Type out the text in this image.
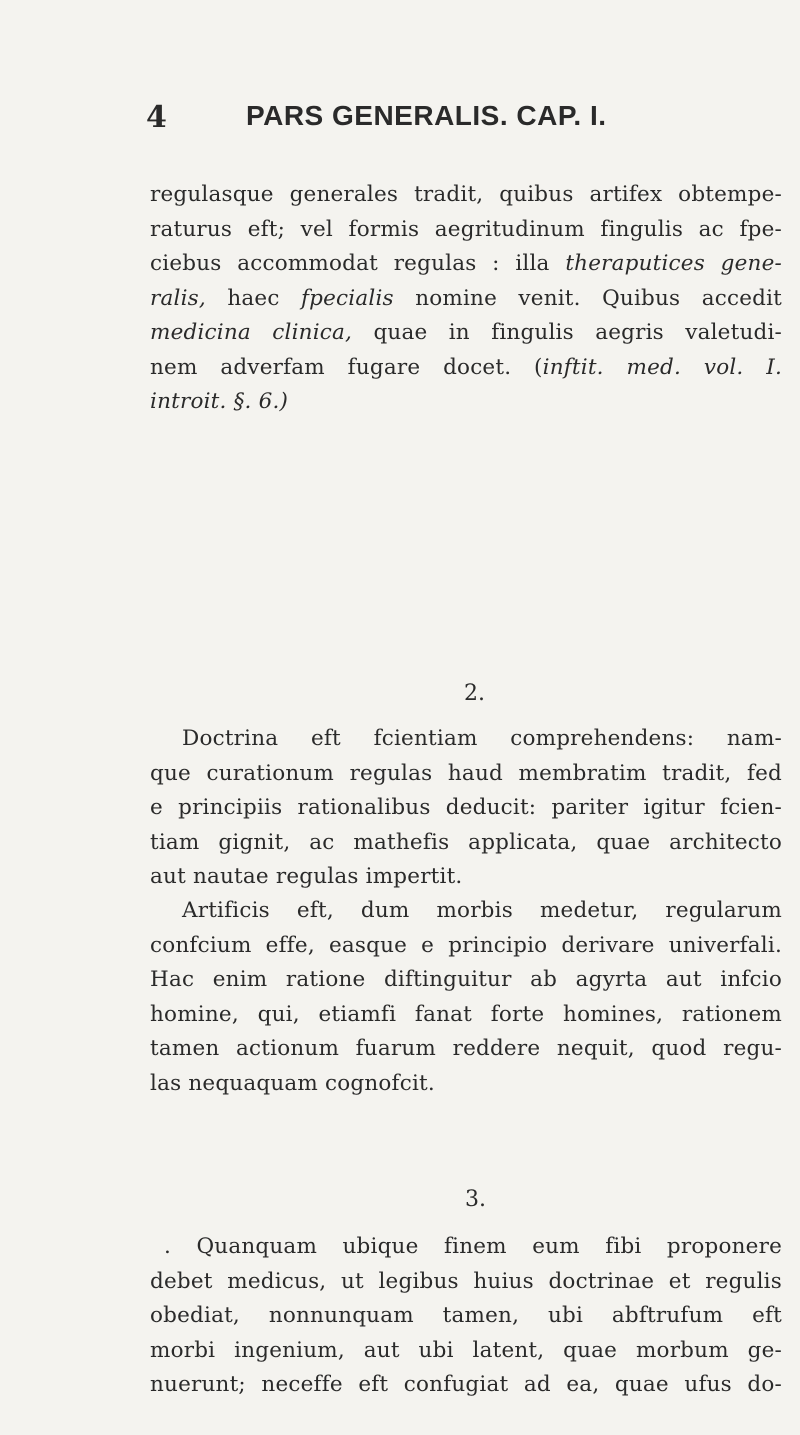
4	PARS GENERALIS. CAP. I.
regulasque generales tradit, quibus artifex obtempe-
raturus eft; vel formis aegritudinum fingulis ac fpe-
ciebus accommodat regulas : illa theraputices gene-
ralis, haec fpecialis nomine venit. Quibus accedit
medicina clinica, quae in fingulis aegris valetudi-
nem adverfam fugare docet. (inftit. med. vol. I.
introit. §. 6.)
2.
Doctrina eft fcientiam comprehendens: nam-
que curationum regulas haud membratim tradit, fed
e principiis rationalibus deducit: pariter igitur fcien-
tiam gignit, ac mathefis applicata, quae architecto
aut nautae regulas impertit.
Artificis eft, dum morbis medetur, regularum
confcium effe, easque e principio derivare univerfali.
Hac enim ratione diftinguitur ab agyrta aut infcio
homine, qui, etiamfi fanat forte homines, rationem
tamen actionum fuarum reddere nequit, quod regu-
las nequaquam cognofcit.
3.
. Quanquam ubique finem eum fibi proponere
debet medicus, ut legibus huius doctrinae et regulis
obediat, nonnunquam tamen, ubi abftrufum eft
morbi ingenium, aut ubi latent, quae morbum ge-
nuerunt; neceffe eft confugiat ad ea, quae ufus do-
